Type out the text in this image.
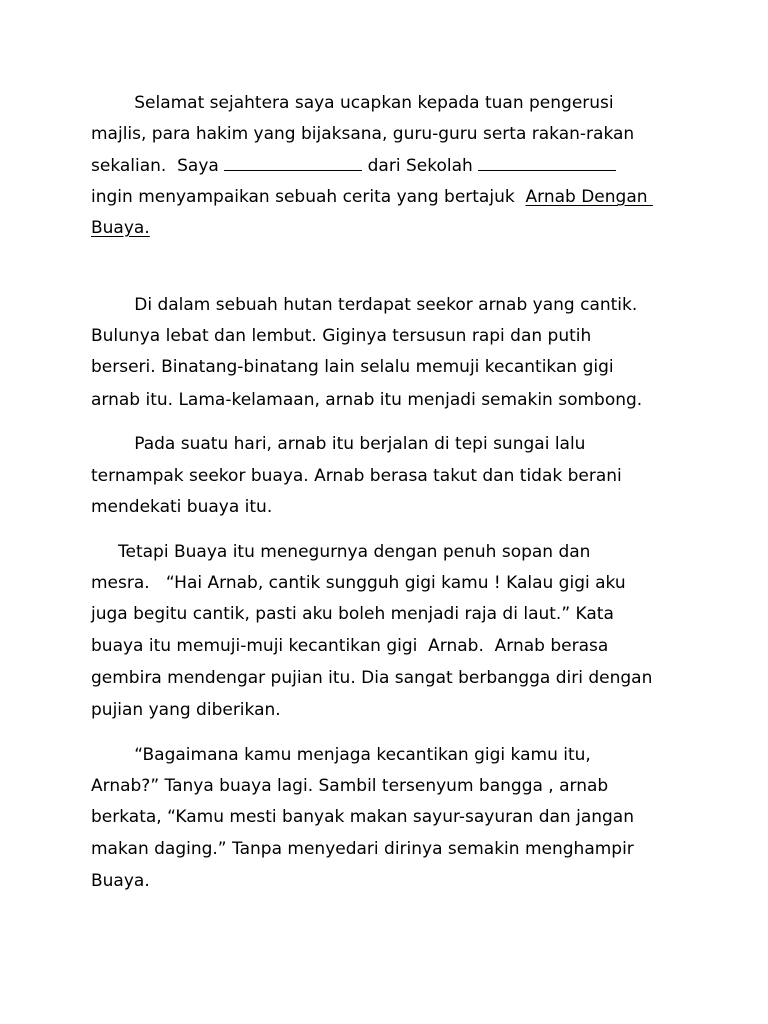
Selamat sejahtera saya ucapkan kepada tuan pengerusi
majlis, para hakim yang bijaksana, guru-guru serta rakan-rakan
sekalian.  Saya	dari Sekolah
ingin menyampaikan sebuah cerita yang bertajuk  Arnab Dengan
Buaya.
Di dalam sebuah hutan terdapat seekor arnab yang cantik.
Bulunya lebat dan lembut. Giginya tersusun rapi dan putih
berseri. Binatang-binatang lain selalu memuji kecantikan gigi
arnab itu. Lama-kelamaan, arnab itu menjadi semakin sombong.
Pada suatu hari, arnab itu berjalan di tepi sungai lalu
ternampak seekor buaya. Arnab berasa takut dan tidak berani
mendekati buaya itu.
Tetapi Buaya itu menegurnya dengan penuh sopan dan
mesra.   “Hai Arnab, cantik sungguh gigi kamu ! Kalau gigi aku
juga begitu cantik, pasti aku boleh menjadi raja di laut.” Kata
buaya itu memuji-muji kecantikan gigi  Arnab.  Arnab berasa
gembira mendengar pujian itu. Dia sangat berbangga diri dengan
pujian yang diberikan.
“Bagaimana kamu menjaga kecantikan gigi kamu itu,
Arnab?” Tanya buaya lagi. Sambil tersenyum bangga , arnab
berkata, “Kamu mesti banyak makan sayur-sayuran dan jangan
makan daging.” Tanpa menyedari dirinya semakin menghampir
Buaya.
